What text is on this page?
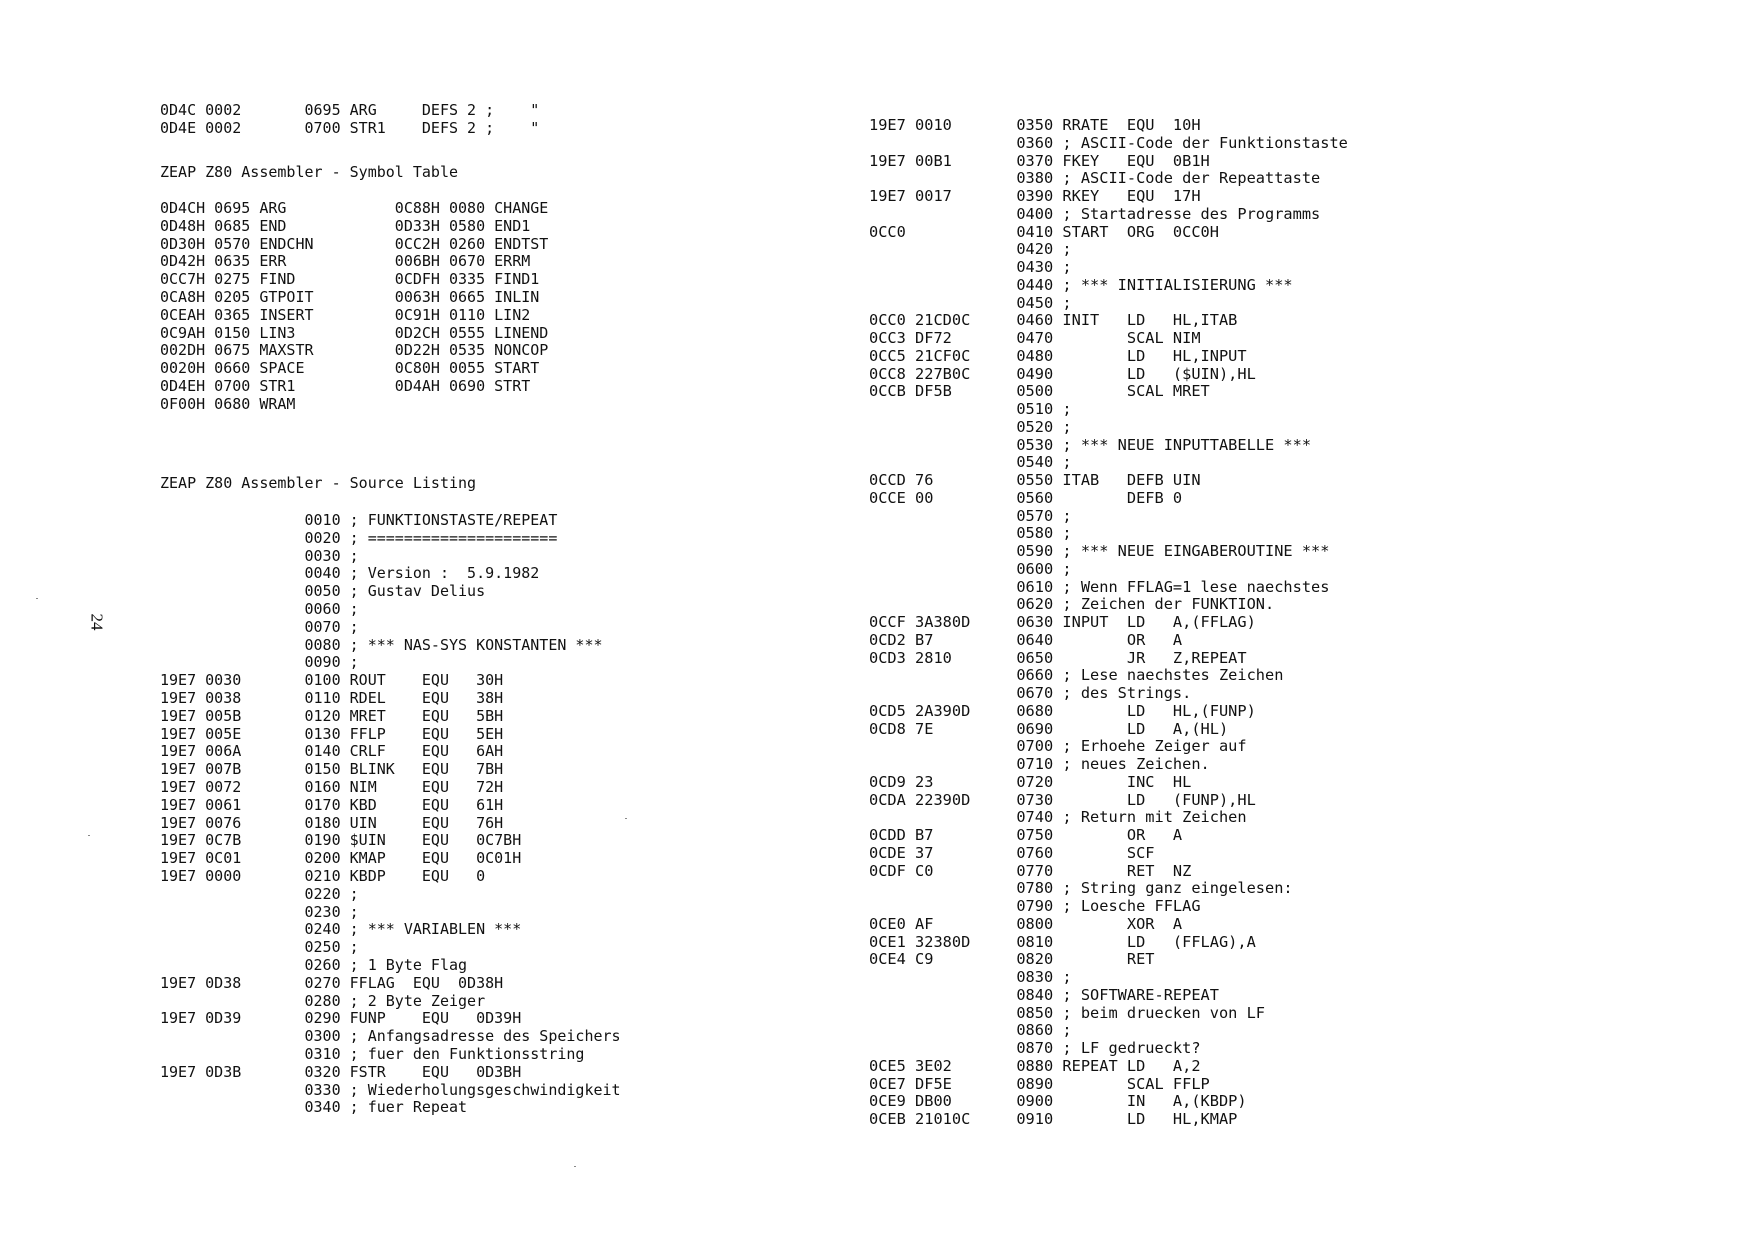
0D4C 0002       0695 ARG     DEFS 2 ;    "
0D4E 0002       0700 STR1    DEFS 2 ;    "
ZEAP Z80 Assembler - Symbol Table
0D4CH 0695 ARG            0C88H 0080 CHANGE
0D48H 0685 END            0D33H 0580 END1
0D30H 0570 ENDCHN         0CC2H 0260 ENDTST
0D42H 0635 ERR            006BH 0670 ERRM
0CC7H 0275 FIND           0CDFH 0335 FIND1
0CA8H 0205 GTPOIT         0063H 0665 INLIN
0CEAH 0365 INSERT         0C91H 0110 LIN2
0C9AH 0150 LIN3           0D2CH 0555 LINEND
002DH 0675 MAXSTR         0D22H 0535 NONCOP
0020H 0660 SPACE          0C80H 0055 START
0D4EH 0700 STR1           0D4AH 0690 STRT
0F00H 0680 WRAM
ZEAP Z80 Assembler - Source Listing
0010 ; FUNKTIONSTASTE/REPEAT
0020 ; =====================
0030 ;
0040 ; Version :  5.9.1982
0050 ; Gustav Delius
0060 ;
0070 ;
0080 ; *** NAS-SYS KONSTANTEN ***
0090 ;
19E7 0030       0100 ROUT    EQU   30H
19E7 0038       0110 RDEL    EQU   38H
19E7 005B       0120 MRET    EQU   5BH
19E7 005E       0130 FFLP    EQU   5EH
19E7 006A       0140 CRLF    EQU   6AH
19E7 007B       0150 BLINK   EQU   7BH
19E7 0072       0160 NIM     EQU   72H
19E7 0061       0170 KBD     EQU   61H
19E7 0076       0180 UIN     EQU   76H
19E7 0C7B       0190 $UIN    EQU   0C7BH
19E7 0C01       0200 KMAP    EQU   0C01H
19E7 0000       0210 KBDP    EQU   0
0220 ;
0230 ;
0240 ; *** VARIABLEN ***
0250 ;
0260 ; 1 Byte Flag
19E7 0D38       0270 FFLAG  EQU  0D38H
0280 ; 2 Byte Zeiger
19E7 0D39       0290 FUNP    EQU   0D39H
0300 ; Anfangsadresse des Speichers
0310 ; fuer den Funktionsstring
19E7 0D3B       0320 FSTR    EQU   0D3BH
0330 ; Wiederholungsgeschwindigkeit
0340 ; fuer Repeat
19E7 0010       0350 RRATE  EQU  10H
0360 ; ASCII-Code der Funktionstaste
19E7 00B1       0370 FKEY   EQU  0B1H
0380 ; ASCII-Code der Repeattaste
19E7 0017       0390 RKEY   EQU  17H
0400 ; Startadresse des Programms
0CC0            0410 START  ORG  0CC0H
0420 ;
0430 ;
0440 ; *** INITIALISIERUNG ***
0450 ;
0CC0 21CD0C     0460 INIT   LD   HL,ITAB
0CC3 DF72       0470        SCAL NIM
0CC5 21CF0C     0480        LD   HL,INPUT
0CC8 227B0C     0490        LD   ($UIN),HL
0CCB DF5B       0500        SCAL MRET
0510 ;
0520 ;
0530 ; *** NEUE INPUTTABELLE ***
0540 ;
0CCD 76         0550 ITAB   DEFB UIN
0CCE 00         0560        DEFB 0
0570 ;
0580 ;
0590 ; *** NEUE EINGABEROUTINE ***
0600 ;
0610 ; Wenn FFLAG=1 lese naechstes
0620 ; Zeichen der FUNKTION.
0CCF 3A380D     0630 INPUT  LD   A,(FFLAG)
0CD2 B7         0640        OR   A
0CD3 2810       0650        JR   Z,REPEAT
0660 ; Lese naechstes Zeichen
0670 ; des Strings.
0CD5 2A390D     0680        LD   HL,(FUNP)
0CD8 7E         0690        LD   A,(HL)
0700 ; Erhoehe Zeiger auf
0710 ; neues Zeichen.
0CD9 23         0720        INC  HL
0CDA 22390D     0730        LD   (FUNP),HL
0740 ; Return mit Zeichen
0CDD B7         0750        OR   A
0CDE 37         0760        SCF
0CDF C0         0770        RET  NZ
0780 ; String ganz eingelesen:
0790 ; Loesche FFLAG
0CE0 AF         0800        XOR  A
0CE1 32380D     0810        LD   (FFLAG),A
0CE4 C9         0820        RET
0830 ;
0840 ; SOFTWARE-REPEAT
0850 ; beim druecken von LF
0860 ;
0870 ; LF gedrueckt?
0CE5 3E02       0880 REPEAT LD   A,2
0CE7 DF5E       0890        SCAL FFLP
0CE9 DB00       0900        IN   A,(KBDP)
0CEB 21010C     0910        LD   HL,KMAP
24
